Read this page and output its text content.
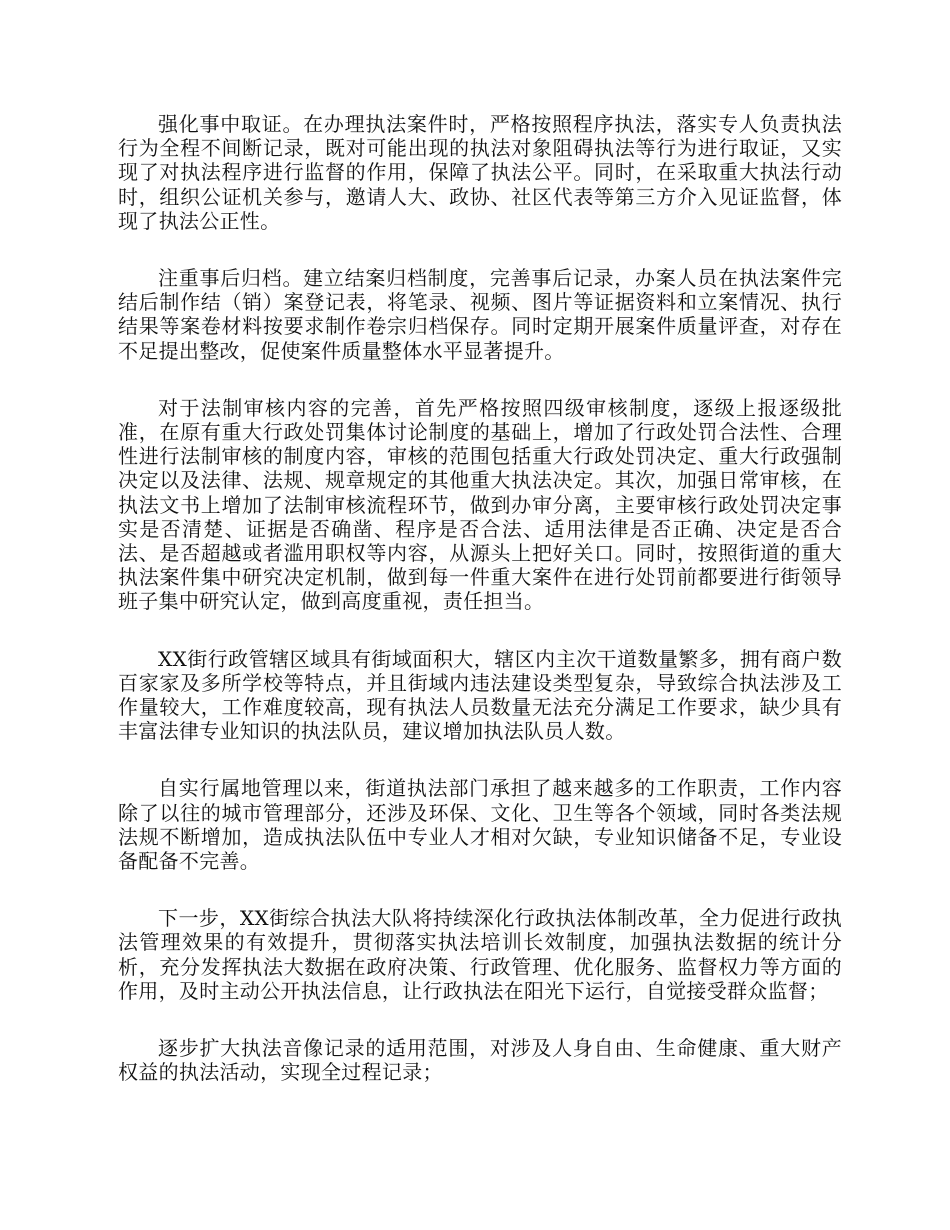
强化事中取证。在办理执法案件时，严格按照程序执法，落实专人负责执法行为全程不间断记录，既对可能出现的执法对象阻碍执法等行为进行取证，又实现了对执法程序进行监督的作用，保障了执法公平。同时，在采取重大执法行动时，组织公证机关参与，邀请人大、政协、社区代表等第三方介入见证监督，体现了执法公正性。

注重事后归档。建立结案归档制度，完善事后记录，办案人员在执法案件完结后制作结（销）案登记表，将笔录、视频、图片等证据资料和立案情况、执行结果等案卷材料按要求制作卷宗归档保存。同时定期开展案件质量评查，对存在不足提出整改，促使案件质量整体水平显著提升。

对于法制审核内容的完善，首先严格按照四级审核制度，逐级上报逐级批准，在原有重大行政处罚集体讨论制度的基础上，增加了行政处罚合法性、合理性进行法制审核的制度内容，审核的范围包括重大行政处罚决定、重大行政强制决定以及法律、法规、规章规定的其他重大执法决定。其次，加强日常审核，在执法文书上增加了法制审核流程环节，做到办审分离，主要审核行政处罚决定事实是否清楚、证据是否确凿、程序是否合法、适用法律是否正确、决定是否合法、是否超越或者滥用职权等内容，从源头上把好关口。同时，按照街道的重大执法案件集中研究决定机制，做到每一件重大案件在进行处罚前都要进行街领导班子集中研究认定，做到高度重视，责任担当。

XX街行政管辖区域具有街域面积大，辖区内主次干道数量繁多，拥有商户数百家家及多所学校等特点，并且街域内违法建设类型复杂，导致综合执法涉及工作量较大，工作难度较高，现有执法人员数量无法充分满足工作要求，缺少具有丰富法律专业知识的执法队员，建议增加执法队员人数。

自实行属地管理以来，街道执法部门承担了越来越多的工作职责，工作内容除了以往的城市管理部分，还涉及环保、文化、卫生等各个领域，同时各类法规法规不断增加，造成执法队伍中专业人才相对欠缺，专业知识储备不足，专业设备配备不完善。

下一步，XX街综合执法大队将持续深化行政执法体制改革，全力促进行政执法管理效果的有效提升，贯彻落实执法培训长效制度，加强执法数据的统计分析，充分发挥执法大数据在政府决策、行政管理、优化服务、监督权力等方面的作用，及时主动公开执法信息，让行政执法在阳光下运行，自觉接受群众监督；

逐步扩大执法音像记录的适用范围，对涉及人身自由、生命健康、重大财产权益的执法活动，实现全过程记录；
